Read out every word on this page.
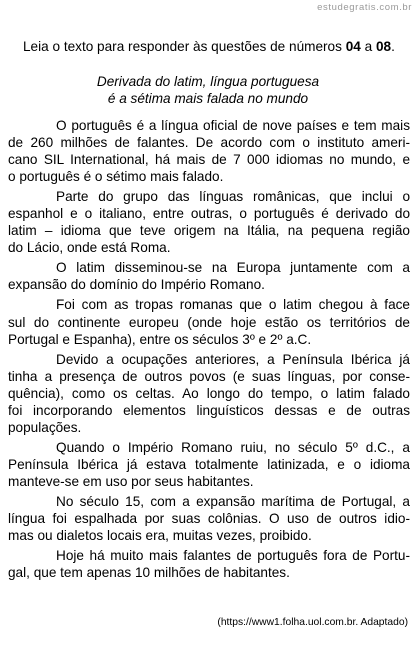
estudegratis.com.br
Leia o texto para responder às questões de números 04 a 08.
Derivada do latim, língua portuguesa
é a sétima mais falada no mundo
O português é a língua oficial de nove países e tem mais
de 260 milhões de falantes. De acordo com o instituto ameri-
cano SIL International, há mais de 7 000 idiomas no mundo, e
o português é o sétimo mais falado.
Parte do grupo das línguas românicas, que inclui o
espanhol e o italiano, entre outras, o português é derivado do
latim – idioma que teve origem na Itália, na pequena região
do Lácio, onde está Roma.
O latim disseminou-se na Europa juntamente com a
expansão do domínio do Império Romano.
Foi com as tropas romanas que o latim chegou à face
sul do continente europeu (onde hoje estão os territórios de
Portugal e Espanha), entre os séculos 3º e 2º a.C.
Devido a ocupações anteriores, a Península Ibérica já
tinha a presença de outros povos (e suas línguas, por conse-
quência), como os celtas. Ao longo do tempo, o latim falado
foi incorporando elementos linguísticos dessas e de outras
populações.
Quando o Império Romano ruiu, no século 5º d.C., a
Península Ibérica já estava totalmente latinizada, e o idioma
manteve-se em uso por seus habitantes.
No século 15, com a expansão marítima de Portugal, a
língua foi espalhada por suas colônias. O uso de outros idio-
mas ou dialetos locais era, muitas vezes, proibido.
Hoje há muito mais falantes de português fora de Portu-
gal, que tem apenas 10 milhões de habitantes.
(https://www1.folha.uol.com.br. Adaptado)
